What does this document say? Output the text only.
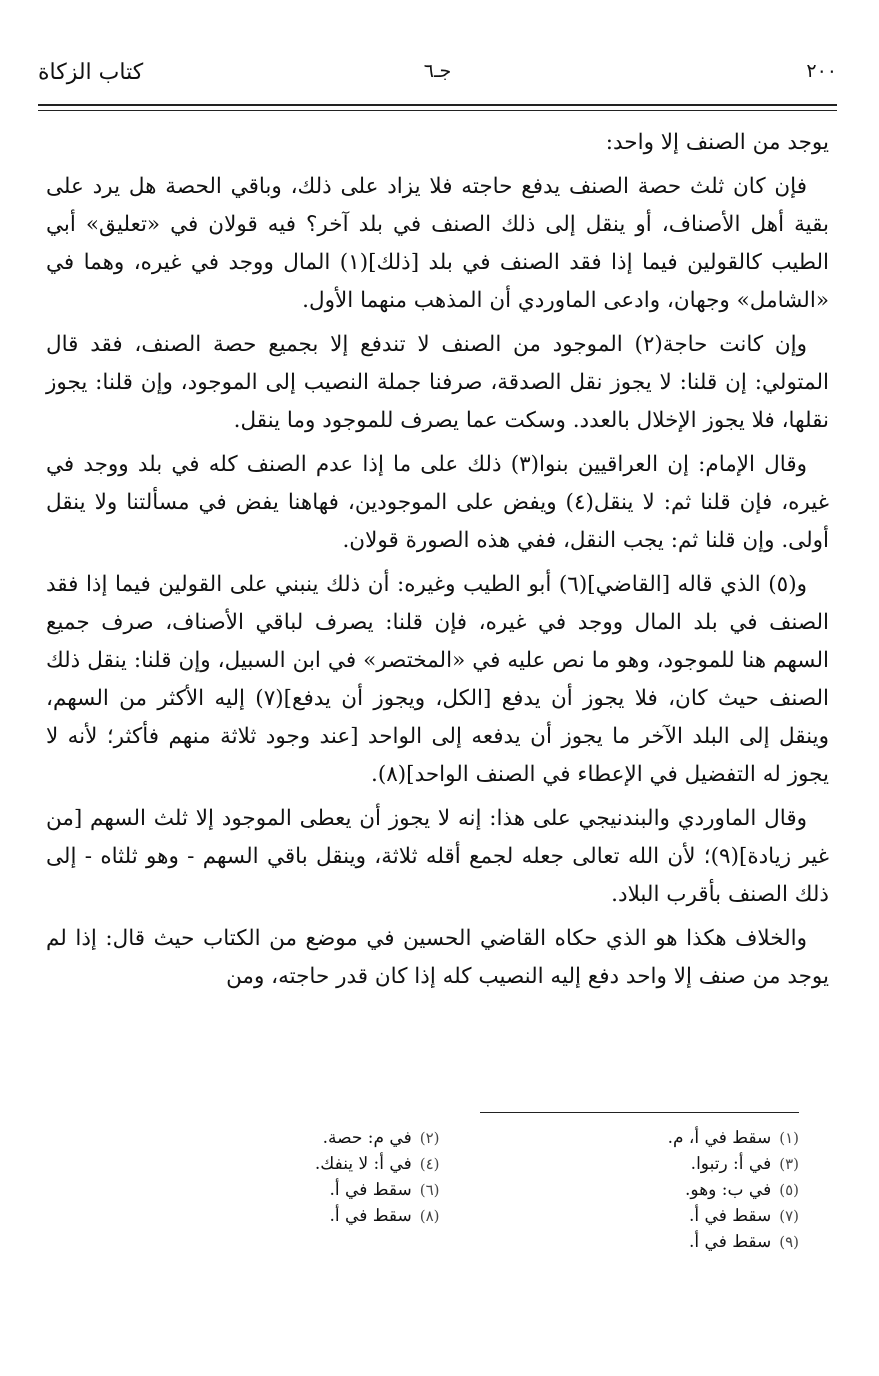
٢٠٠
جـ٦
كتاب الزكاة

يوجد من الصنف إلا واحد:

فإن كان ثلث حصة الصنف يدفع حاجته فلا يزاد على ذلك، وباقي الحصة هل يرد على بقية أهل الأصناف، أو ينقل إلى ذلك الصنف في بلد آخر؟ فيه قولان في «تعليق» أبي الطيب كالقولين فيما إذا فقد الصنف في بلد [ذلك](١) المال ووجد في غيره، وهما في «الشامل» وجهان، وادعى الماوردي أن المذهب منهما الأول.

وإن كانت حاجة(٢) الموجود من الصنف لا تندفع إلا بجميع حصة الصنف، فقد قال المتولي: إن قلنا: لا يجوز نقل الصدقة، صرفنا جملة النصيب إلى الموجود، وإن قلنا: يجوز نقلها، فلا يجوز الإخلال بالعدد. وسكت عما يصرف للموجود وما ينقل.

وقال الإمام: إن العراقيين بنوا(٣) ذلك على ما إذا عدم الصنف كله في بلد ووجد في غيره، فإن قلنا ثم: لا ينقل(٤) ويفض على الموجودين، فهاهنا يفض في مسألتنا ولا ينقل أولى. وإن قلنا ثم: يجب النقل، ففي هذه الصورة قولان.

و(٥) الذي قاله [القاضي](٦) أبو الطيب وغيره: أن ذلك ينبني على القولين فيما إذا فقد الصنف في بلد المال ووجد في غيره، فإن قلنا: يصرف لباقي الأصناف، صرف جميع السهم هنا للموجود، وهو ما نص عليه في «المختصر» في ابن السبيل، وإن قلنا: ينقل ذلك الصنف حيث كان، فلا يجوز أن يدفع [الكل، ويجوز أن يدفع](٧) إليه الأكثر من السهم، وينقل إلى البلد الآخر ما يجوز أن يدفعه إلى الواحد [عند وجود ثلاثة منهم فأكثر؛ لأنه لا يجوز له التفضيل في الإعطاء في الصنف الواحد](٨).

وقال الماوردي والبندنيجي على هذا: إنه لا يجوز أن يعطى الموجود إلا ثلث السهم [من غير زيادة](٩)؛ لأن الله تعالى جعله لجمع أقله ثلاثة، وينقل باقي السهم - وهو ثلثاه - إلى ذلك الصنف بأقرب البلاد.

والخلاف هكذا هو الذي حكاه القاضي الحسين في موضع من الكتاب حيث قال: إذا لم يوجد من صنف إلا واحد دفع إليه النصيب كله إذا كان قدر حاجته، ومن

(١)سقط في أ، م.
(٢)في م: حصة.
(٣)في أ: رتبوا.
(٤)في أ: لا ينفك.
(٥)في ب: وهو.
(٦)سقط في أ.
(٧)سقط في أ.
(٨)سقط في أ.
(٩)سقط في أ.
